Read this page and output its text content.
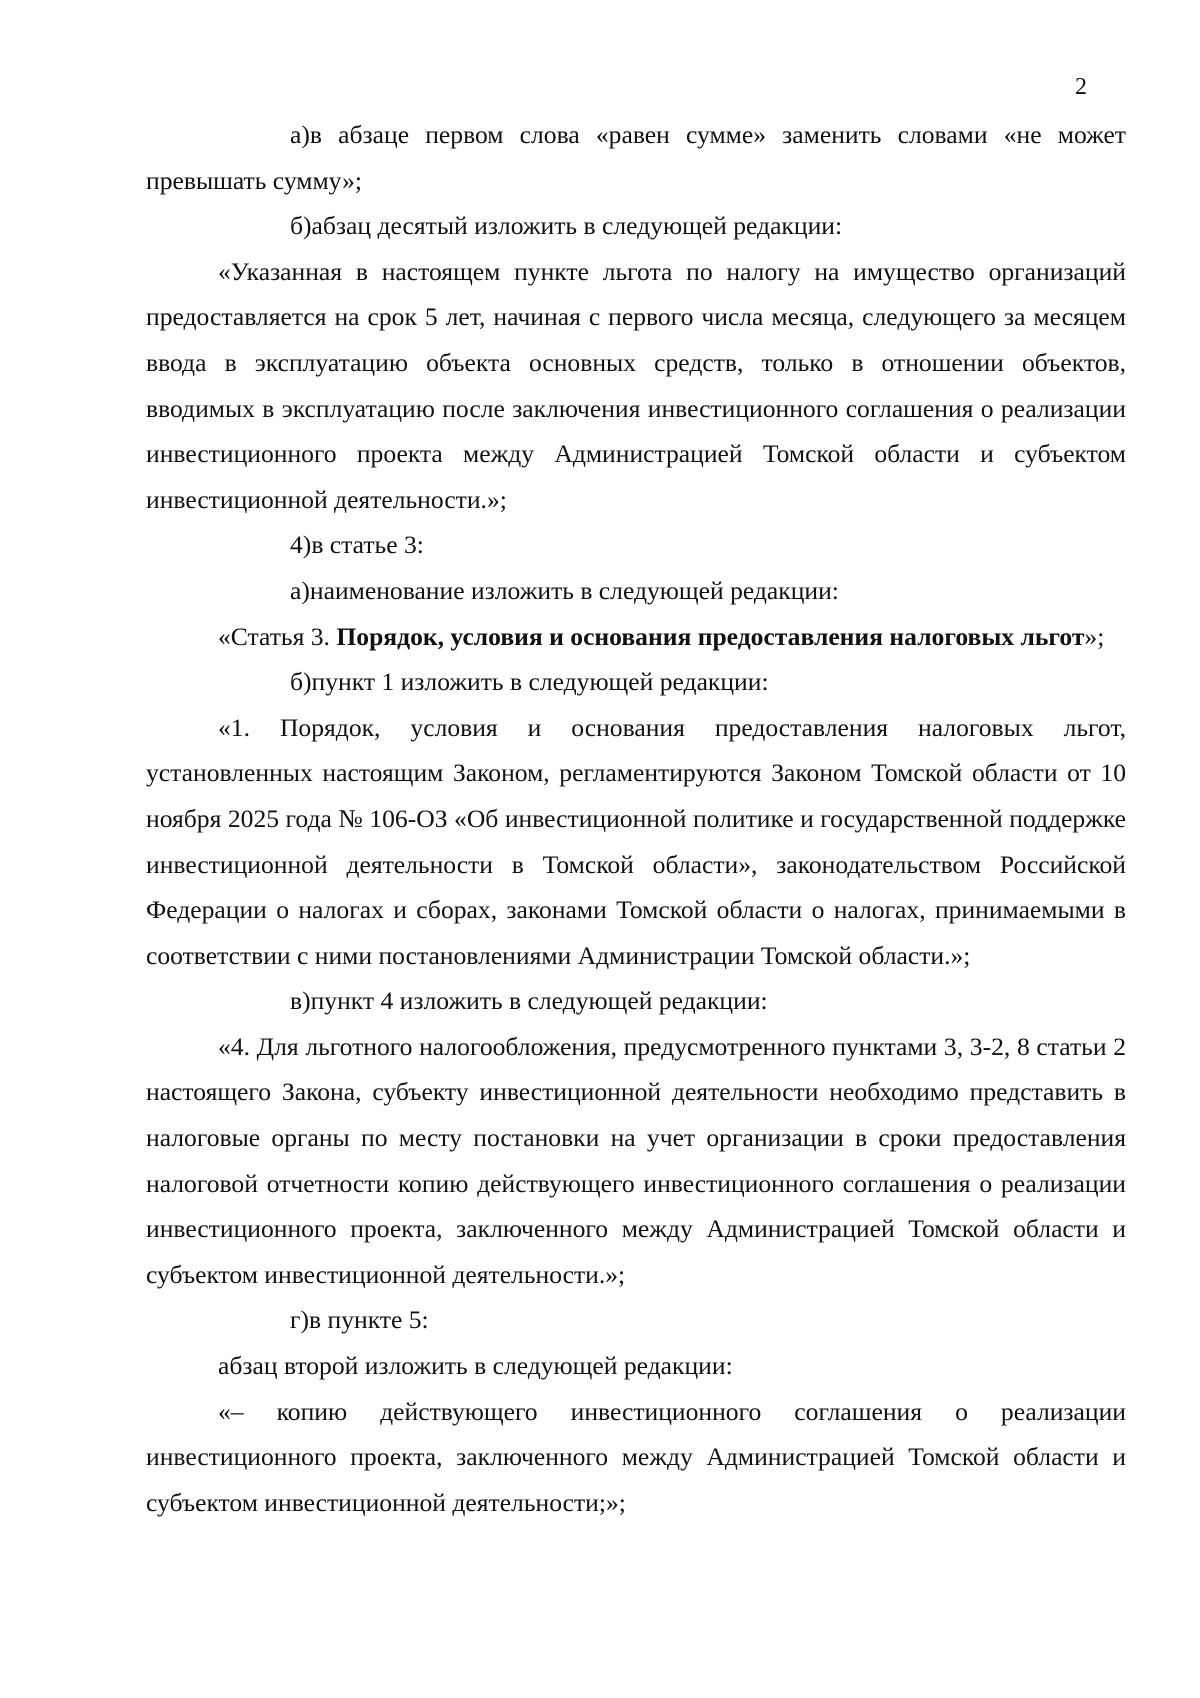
2

а)в абзаце первом слова «равен сумме» заменить словами «не может превышать сумму»;

б)абзац десятый изложить в следующей редакции:

«Указанная в настоящем пункте льгота по налогу на имущество организаций предоставляется на срок 5 лет, начиная с первого числа месяца, следующего за месяцем ввода в эксплуатацию объекта основных средств, только в отношении объектов, вводимых в эксплуатацию после заключения инвестиционного соглашения о реализации инвестиционного проекта между Администрацией Томской области и субъектом инвестиционной деятельности.»;

4)в статье 3:

а)наименование изложить в следующей редакции:

«Статья 3. Порядок, условия и основания предоставления налоговых льгот»;

б)пункт 1 изложить в следующей редакции:

«1. Порядок, условия и основания предоставления налоговых льгот, установленных настоящим Законом, регламентируются Законом Томской области от 10 ноября 2025 года № 106-ОЗ «Об инвестиционной политике и государственной поддержке инвестиционной деятельности в Томской области», законодательством Российской Федерации о налогах и сборах, законами Томской области о налогах, принимаемыми в соответствии с ними постановлениями Администрации Томской области.»;

в)пункт 4 изложить в следующей редакции:

«4. Для льготного налогообложения, предусмотренного пунктами 3, 3-2, 8 статьи 2 настоящего Закона, субъекту инвестиционной деятельности необходимо представить в налоговые органы по месту постановки на учет организации в сроки предоставления налоговой отчетности копию действующего инвестиционного соглашения о реализации инвестиционного проекта, заключенного между Администрацией Томской области и субъектом инвестиционной деятельности.»;

г)в пункте 5:

абзац второй изложить в следующей редакции:

«– копию действующего инвестиционного соглашения о реализации инвестиционного проекта, заключенного между Администрацией Томской области и субъектом инвестиционной деятельности;»;
